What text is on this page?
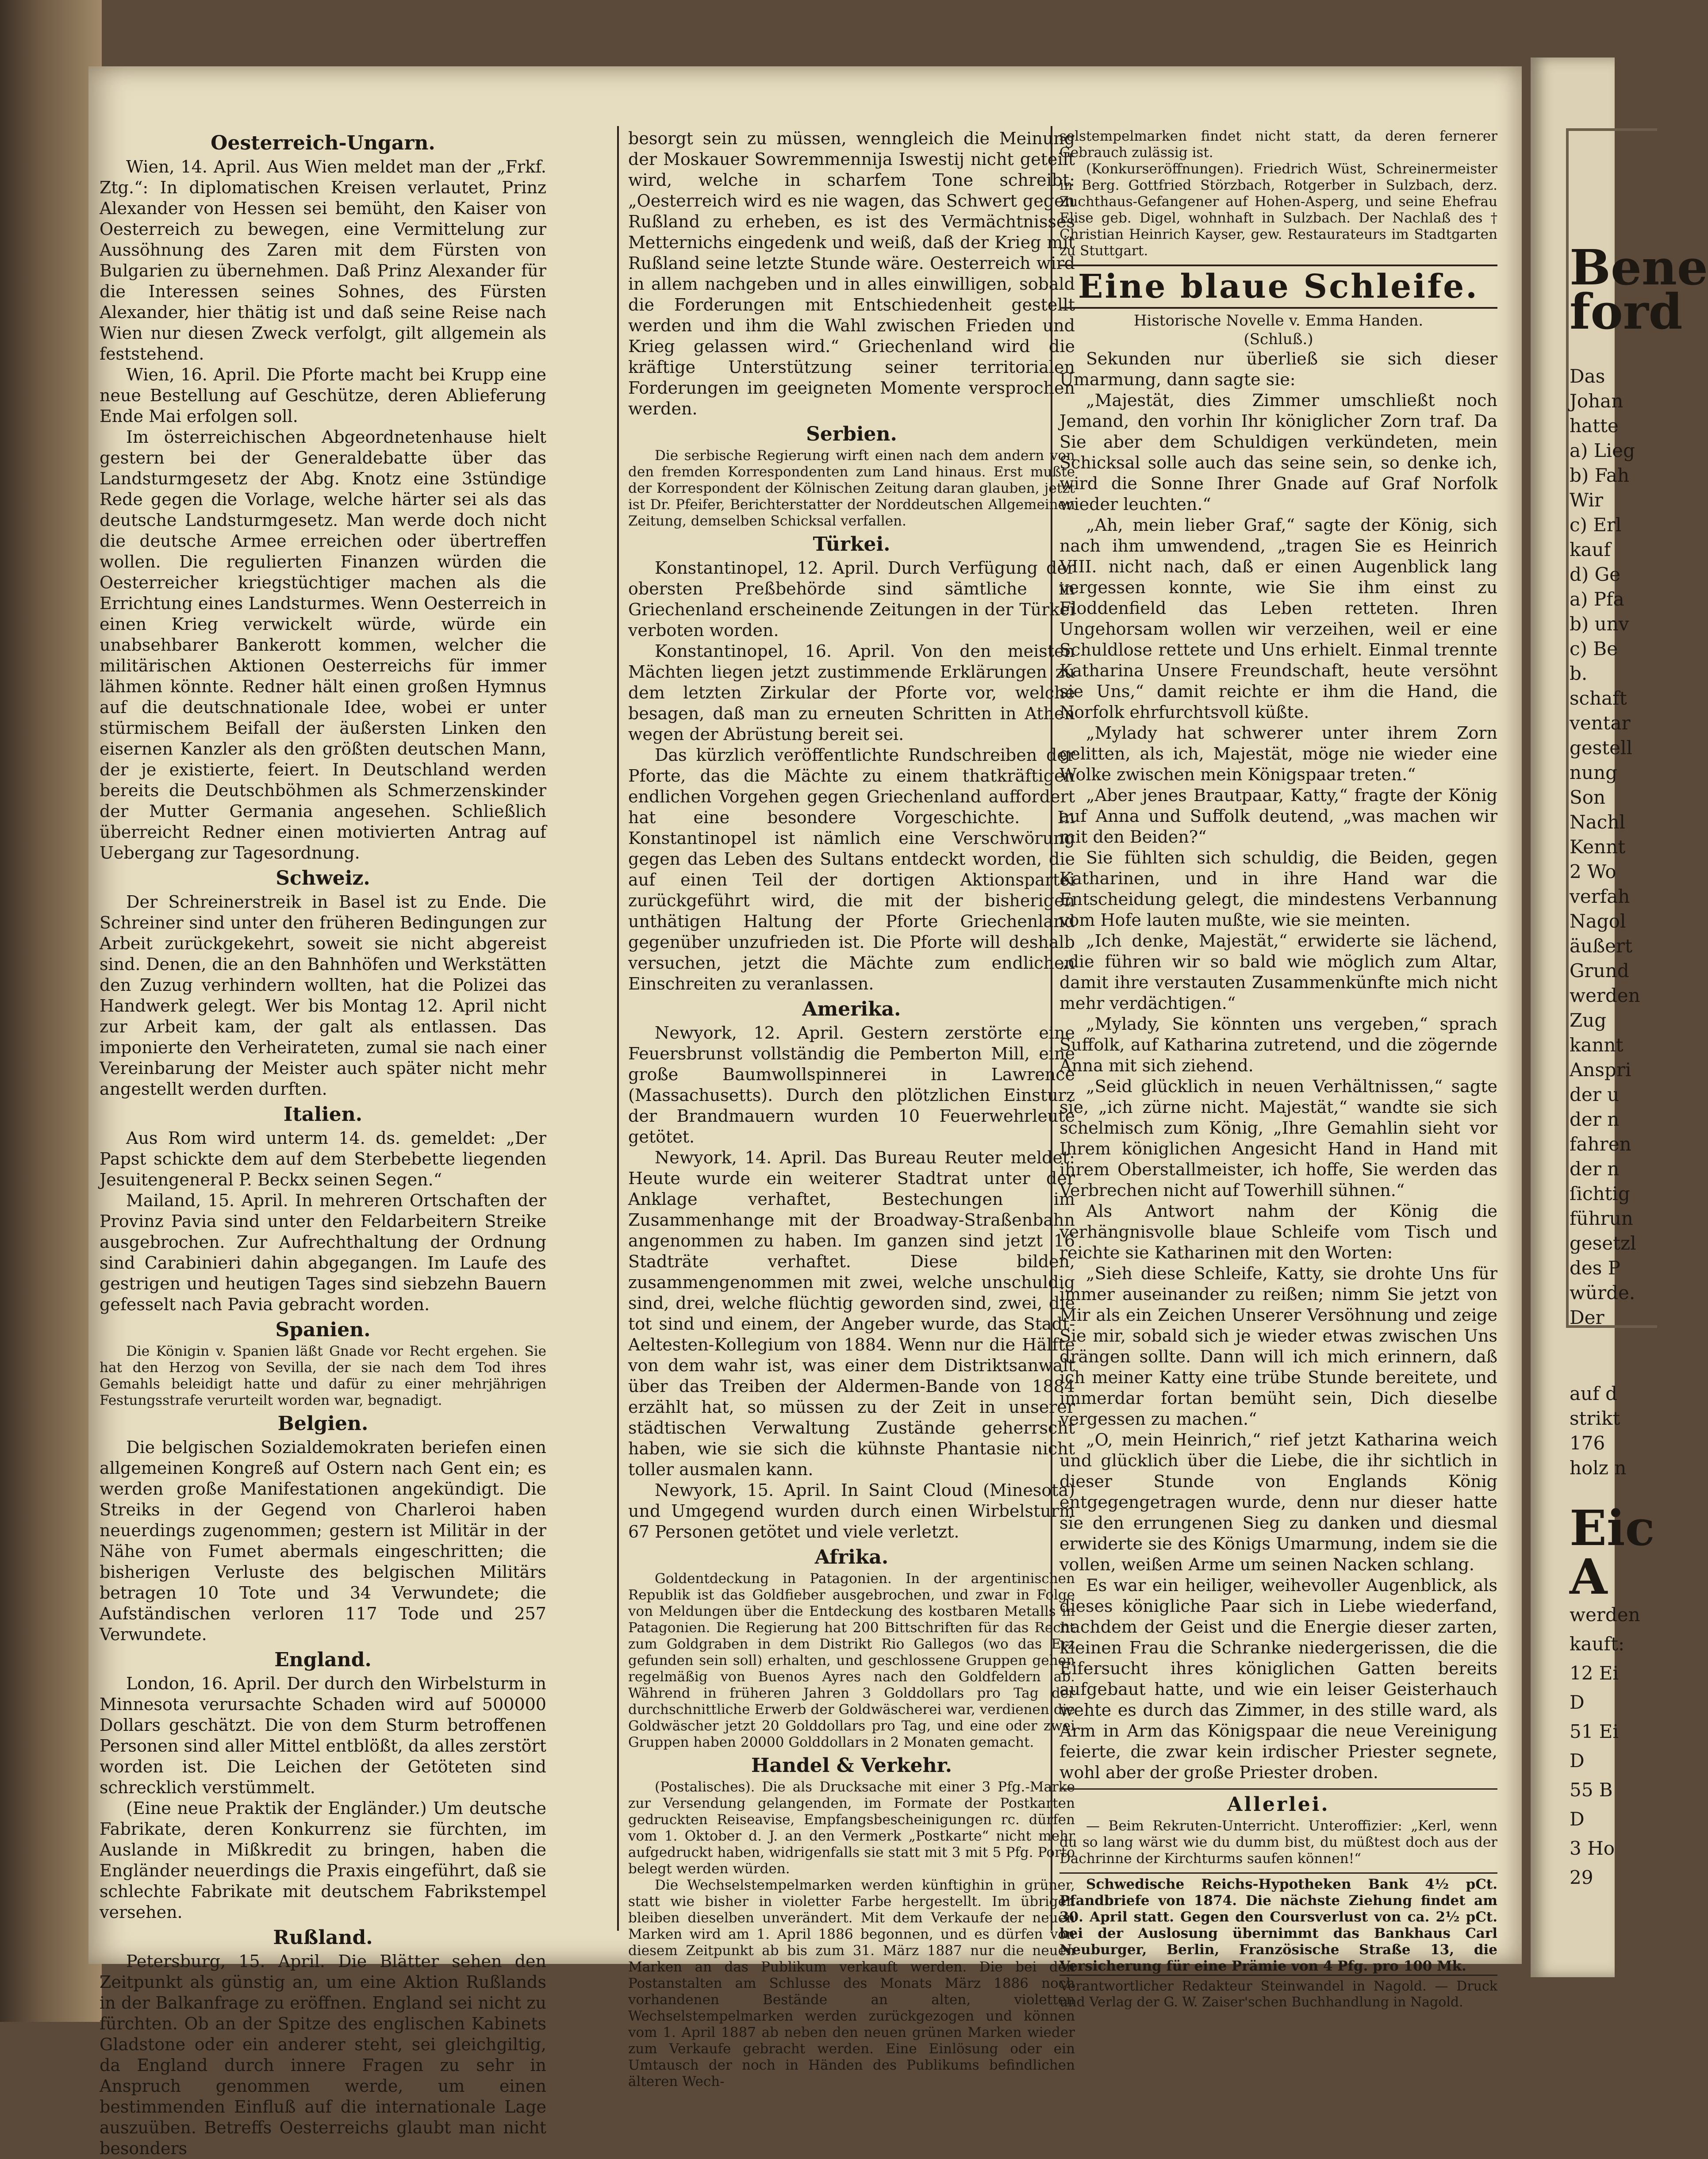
Oesterreich-Ungarn.

Wien, 14. April. Aus Wien meldet man der „Frkf. Ztg.“: In diplomatischen Kreisen verlautet, Prinz Alexander von Hessen sei bemüht, den Kaiser von Oesterreich zu bewegen, eine Vermittelung zur Aussöhnung des Zaren mit dem Fürsten von Bulgarien zu übernehmen. Daß Prinz Alexander für die Interessen seines Sohnes, des Fürsten Alexander, hier thätig ist und daß seine Reise nach Wien nur diesen Zweck verfolgt, gilt allgemein als feststehend.

Wien, 16. April. Die Pforte macht bei Krupp eine neue Bestellung auf Geschütze, deren Ablieferung Ende Mai erfolgen soll.

Im österreichischen Abgeordnetenhause hielt gestern bei der Generaldebatte über das Landsturmgesetz der Abg. Knotz eine 3stündige Rede gegen die Vorlage, welche härter sei als das deutsche Landsturmgesetz. Man werde doch nicht die deutsche Armee erreichen oder übertreffen wollen. Die regulierten Finanzen würden die Oesterreicher kriegstüchtiger machen als die Errichtung eines Landsturmes. Wenn Oesterreich in einen Krieg verwickelt würde, würde ein unabsehbarer Bankerott kommen, welcher die militärischen Aktionen Oesterreichs für immer lähmen könnte. Redner hält einen großen Hymnus auf die deutschnationale Idee, wobei er unter stürmischem Beifall der äußersten Linken den eisernen Kanzler als den größten deutschen Mann, der je existierte, feiert. In Deutschland werden bereits die Deutschböhmen als Schmerzenskinder der Mutter Germania angesehen. Schließlich überreicht Redner einen motivierten Antrag auf Uebergang zur Tagesordnung.

Schweiz.

Der Schreinerstreik in Basel ist zu Ende. Die Schreiner sind unter den früheren Bedingungen zur Arbeit zurückgekehrt, soweit sie nicht abgereist sind. Denen, die an den Bahnhöfen und Werkstätten den Zuzug verhindern wollten, hat die Polizei das Handwerk gelegt. Wer bis Montag 12. April nicht zur Arbeit kam, der galt als entlassen. Das imponierte den Verheirateten, zumal sie nach einer Vereinbarung der Meister auch später nicht mehr angestellt werden durften.

Italien.

Aus Rom wird unterm 14. ds. gemeldet: „Der Papst schickte dem auf dem Sterbebette liegenden Jesuitengeneral P. Beckx seinen Segen.“

Mailand, 15. April. In mehreren Ortschaften der Provinz Pavia sind unter den Feldarbeitern Streike ausgebrochen. Zur Aufrechthaltung der Ordnung sind Carabinieri dahin abgegangen. Im Laufe des gestrigen und heutigen Tages sind siebzehn Bauern gefesselt nach Pavia gebracht worden.

Spanien.

Die Königin v. Spanien läßt Gnade vor Recht ergehen. Sie hat den Herzog von Sevilla, der sie nach dem Tod ihres Gemahls beleidigt hatte und dafür zu einer mehrjährigen Festungsstrafe verurteilt worden war, begnadigt.

Belgien.

Die belgischen Sozialdemokraten beriefen einen allgemeinen Kongreß auf Ostern nach Gent ein; es werden große Manifestationen angekündigt. Die Streiks in der Gegend von Charleroi haben neuerdings zugenommen; gestern ist Militär in der Nähe von Fumet abermals eingeschritten; die bisherigen Verluste des belgischen Militärs betragen 10 Tote und 34 Verwundete; die Aufständischen verloren 117 Tode und 257 Verwundete.

England.

London, 16. April. Der durch den Wirbelsturm in Minnesota verursachte Schaden wird auf 500000 Dollars geschätzt. Die von dem Sturm betroffenen Personen sind aller Mittel entblößt, da alles zerstört worden ist. Die Leichen der Getöteten sind schrecklich verstümmelt.

(Eine neue Praktik der Engländer.) Um deutsche Fabrikate, deren Konkurrenz sie fürchten, im Auslande in Mißkredit zu bringen, haben die Engländer neuerdings die Praxis eingeführt, daß sie schlechte Fabrikate mit deutschem Fabrikstempel versehen.

Rußland.

Petersburg, 15. April. Die Blätter sehen den Zeitpunkt als günstig an, um eine Aktion Rußlands in der Balkanfrage zu eröffnen. England sei nicht zu fürchten. Ob an der Spitze des englischen Kabinets Gladstone oder ein anderer steht, sei gleichgiltig, da England durch innere Fragen zu sehr in Anspruch genommen werde, um einen bestimmenden Einfluß auf die internationale Lage auszuüben. Betreffs Oesterreichs glaubt man nicht besonders

besorgt sein zu müssen, wenngleich die Meinung der Moskauer Sowremmennija Iswestij nicht geteilt wird, welche in scharfem Tone schreibt: „Oesterreich wird es nie wagen, das Schwert gegen Rußland zu erheben, es ist des Vermächtnisses Metternichs eingedenk und weiß, daß der Krieg mit Rußland seine letzte Stunde wäre. Oesterreich wird in allem nachgeben und in alles einwilligen, sobald die Forderungen mit Entschiedenheit gestellt werden und ihm die Wahl zwischen Frieden und Krieg gelassen wird.“ Griechenland wird die kräftige Unterstützung seiner territorialen Forderungen im geeigneten Momente versprochen werden.

Serbien.

Die serbische Regierung wirft einen nach dem andern von den fremden Korrespondenten zum Land hinaus. Erst mußte der Korrespondent der Kölnischen Zeitung daran glauben, jetzt ist Dr. Pfeifer, Berichterstatter der Norddeutschen Allgemeinen Zeitung, demselben Schicksal verfallen.

Türkei.

Konstantinopel, 12. April. Durch Verfügung der obersten Preßbehörde sind sämtliche in Griechenland erscheinende Zeitungen in der Türkei verboten worden.

Konstantinopel, 16. April. Von den meisten Mächten liegen jetzt zustimmende Erklärungen zu dem letzten Zirkular der Pforte vor, welche besagen, daß man zu erneuten Schritten in Athen wegen der Abrüstung bereit sei.

Das kürzlich veröffentlichte Rundschreiben der Pforte, das die Mächte zu einem thatkräftigen endlichen Vorgehen gegen Griechenland auffordert hat eine besondere Vorgeschichte. In Konstantinopel ist nämlich eine Verschwörung gegen das Leben des Sultans entdeckt worden, die auf einen Teil der dortigen Aktionspartei zurückgeführt wird, die mit der bisherigen unthätigen Haltung der Pforte Griechenland gegenüber unzufrieden ist. Die Pforte will deshalb versuchen, jetzt die Mächte zum endlichen Einschreiten zu veranlassen.

Amerika.

Newyork, 12. April. Gestern zerstörte eine Feuersbrunst vollständig die Pemberton Mill, eine große Baumwollspinnerei in Lawrence (Massachusetts). Durch den plötzlichen Einsturz der Brandmauern wurden 10 Feuerwehrleute getötet.

Newyork, 14. April. Das Bureau Reuter meldet: Heute wurde ein weiterer Stadtrat unter der Anklage verhaftet, Bestechungen im Zusammenhange mit der Broadway-Straßenbahn angenommen zu haben. Im ganzen sind jetzt 16 Stadträte verhaftet. Diese bilden, zusammengenommen mit zwei, welche unschuldig sind, drei, welche flüchtig geworden sind, zwei, die tot sind und einem, der Angeber wurde, das Stadt-Aeltesten-Kollegium von 1884. Wenn nur die Hälfte von dem wahr ist, was einer dem Distriktsanwalt über das Treiben der Aldermen-Bande von 1884 erzählt hat, so müssen zu der Zeit in unserer städtischen Verwaltung Zustände geherrscht haben, wie sie sich die kühnste Phantasie nicht toller ausmalen kann.

Newyork, 15. April. In Saint Cloud (Minesota) und Umgegend wurden durch einen Wirbelsturm 67 Personen getötet und viele verletzt.

Afrika.

Goldentdeckung in Patagonien. In der argentinischen Republik ist das Goldfieber ausgebrochen, und zwar in Folge von Meldungen über die Entdeckung des kostbaren Metalls in Patagonien. Die Regierung hat 200 Bittschriften für das Recht zum Goldgraben in dem Distrikt Rio Gallegos (wo das Erz gefunden sein soll) erhalten, und geschlossene Gruppen gehen regelmäßig von Buenos Ayres nach den Goldfeldern ab. Während in früheren Jahren 3 Golddollars pro Tag der durchschnittliche Erwerb der Goldwäscherei war, verdienen die Goldwäscher jetzt 20 Golddollars pro Tag, und eine oder zwei Gruppen haben 20000 Golddollars in 2 Monaten gemacht.

Handel & Verkehr.

(Postalisches). Die als Drucksache mit einer 3 Pfg.-Marke zur Versendung gelangenden, im Formate der Postkarten gedruckten Reiseavise, Empfangsbescheinigungen rc. dürfen vom 1. Oktober d. J. an den Vermerk „Postkarte“ nicht mehr aufgedruckt haben, widrigenfalls sie statt mit 3 mit 5 Pfg. Porto belegt werden würden.

Die Wechselstempelmarken werden künftighin in grüner, statt wie bisher in violetter Farbe hergestellt. Im übrigen bleiben dieselben unverändert. Mit dem Verkaufe der neuen Marken wird am 1. April 1886 begonnen, und es dürfen von diesem Zeitpunkt ab bis zum 31. März 1887 nur die neuen Marken an das Publikum verkauft werden. Die bei den Postanstalten am Schlusse des Monats März 1886 noch vorhandenen Bestände an alten, violetten Wechselstempelmarken werden zurückgezogen und können vom 1. April 1887 ab neben den neuen grünen Marken wieder zum Verkaufe gebracht werden. Eine Einlösung oder ein Umtausch der noch in Händen des Publikums befindlichen älteren Wech-

selstempelmarken findet nicht statt, da deren fernerer Gebrauch zulässig ist.

(Konkurseröffnungen). Friedrich Wüst, Schreinermeister in Berg. Gottfried Störzbach, Rotgerber in Sulzbach, derz. Zuchthaus-Gefangener auf Hohen-Asperg, und seine Ehefrau Elise geb. Digel, wohnhaft in Sulzbach. Der Nachlaß des † Christian Heinrich Kayser, gew. Restaurateurs im Stadtgarten zu Stuttgart.

Eine blaue Schleife.
Historische Novelle v. Emma Handen.
(Schluß.)

Sekunden nur überließ sie sich dieser Umarmung, dann sagte sie:

„Majestät, dies Zimmer umschließt noch Jemand, den vorhin Ihr königlicher Zorn traf. Da Sie aber dem Schuldigen verkündeten, mein Schicksal solle auch das seine sein, so denke ich, wird die Sonne Ihrer Gnade auf Graf Norfolk wieder leuchten.“

„Ah, mein lieber Graf,“ sagte der König, sich nach ihm umwendend, „tragen Sie es Heinrich VIII. nicht nach, daß er einen Augenblick lang vergessen konnte, wie Sie ihm einst zu Floddenfield das Leben retteten. Ihren Ungehorsam wollen wir verzeihen, weil er eine Schuldlose rettete und Uns erhielt. Einmal trennte Katharina Unsere Freundschaft, heute versöhnt sie Uns,“ damit reichte er ihm die Hand, die Norfolk ehrfurchtsvoll küßte.

„Mylady hat schwerer unter ihrem Zorn gelitten, als ich, Majestät, möge nie wieder eine Wolke zwischen mein Königspaar treten.“

„Aber jenes Brautpaar, Katty,“ fragte der König auf Anna und Suffolk deutend, „was machen wir mit den Beiden?“

Sie fühlten sich schuldig, die Beiden, gegen Katharinen, und in ihre Hand war die Entscheidung gelegt, die mindestens Verbannung vom Hofe lauten mußte, wie sie meinten.

„Ich denke, Majestät,“ erwiderte sie lächend, „die führen wir so bald wie möglich zum Altar, damit ihre verstauten Zusammenkünfte mich nicht mehr verdächtigen.“

„Mylady, Sie könnten uns vergeben,“ sprach Suffolk, auf Katharina zutretend, und die zögernde Anna mit sich ziehend.

„Seid glücklich in neuen Verhältnissen,“ sagte sie, „ich zürne nicht. Majestät,“ wandte sie sich schelmisch zum König, „Ihre Gemahlin sieht vor Ihrem königlichen Angesicht Hand in Hand mit ihrem Oberstallmeister, ich hoffe, Sie werden das Verbrechen nicht auf Towerhill sühnen.“

Als Antwort nahm der König die verhängnisvolle blaue Schleife vom Tisch und reichte sie Katharinen mit den Worten:

„Sieh diese Schleife, Katty, sie drohte Uns für immer auseinander zu reißen; nimm Sie jetzt von Mir als ein Zeichen Unserer Versöhnung und zeige Sie mir, sobald sich je wieder etwas zwischen Uns drängen sollte. Dann will ich mich erinnern, daß ich meiner Katty eine trübe Stunde bereitete, und immerdar fortan bemüht sein, Dich dieselbe vergessen zu machen.“

„O, mein Heinrich,“ rief jetzt Katharina weich und glücklich über die Liebe, die ihr sichtlich in dieser Stunde von Englands König entgegengetragen wurde, denn nur dieser hatte sie den errungenen Sieg zu danken und diesmal erwiderte sie des Königs Umarmung, indem sie die vollen, weißen Arme um seinen Nacken schlang.

Es war ein heiliger, weihevoller Augenblick, als dieses königliche Paar sich in Liebe wiederfand, nachdem der Geist und die Energie dieser zarten, kleinen Frau die Schranke niedergerissen, die die Eifersucht ihres königlichen Gatten bereits aufgebaut hatte, und wie ein leiser Geisterhauch wehte es durch das Zimmer, in des stille ward, als Arm in Arm das Königspaar die neue Vereinigung feierte, die zwar kein irdischer Priester segnete, wohl aber der große Priester droben.

Allerlei.

— Beim Rekruten-Unterricht. Unteroffizier: „Kerl, wenn du so lang wärst wie du dumm bist, du müßtest doch aus der Dachrinne der Kirchturms saufen können!“

Schwedische Reichs-Hypotheken Bank 4½ pCt. Pfandbriefe von 1874. Die nächste Ziehung findet am 30. April statt. Gegen den Coursverlust von ca. 2½ pCt. bei der Auslosung übernimmt das Bankhaus Carl Neuburger, Berlin, Französische Straße 13, die Versicherung für eine Prämie von 4 Pfg. pro 100 Mk.

Verantwortlicher Redakteur Steinwandel in Nagold. — Druck und Verlag der G. W. Zaiser'schen Buchhandlung in Nagold.
Bene
ford
Das
Johan
hatte
a) Lieg
b) Fah
Wir
c) Erl
kauf
d) Ge
a) Pfa
b) unv
c) Be
b.
schaft
ventar
gestell
nung
Son
Nachl
Kennt
2 Wo
verfah
Nagol
äußert
Grund
werden
Zug
kannt
Anspri
der u
der n
fahren
der n
ſichtig
führun
gesetzl
des P
würde.
Der
auf d
strikt
176
holz n
Eic
A
werden
kauft:
12 Ei
D
51 Ei
D
55 B
D
3 Ho
29
